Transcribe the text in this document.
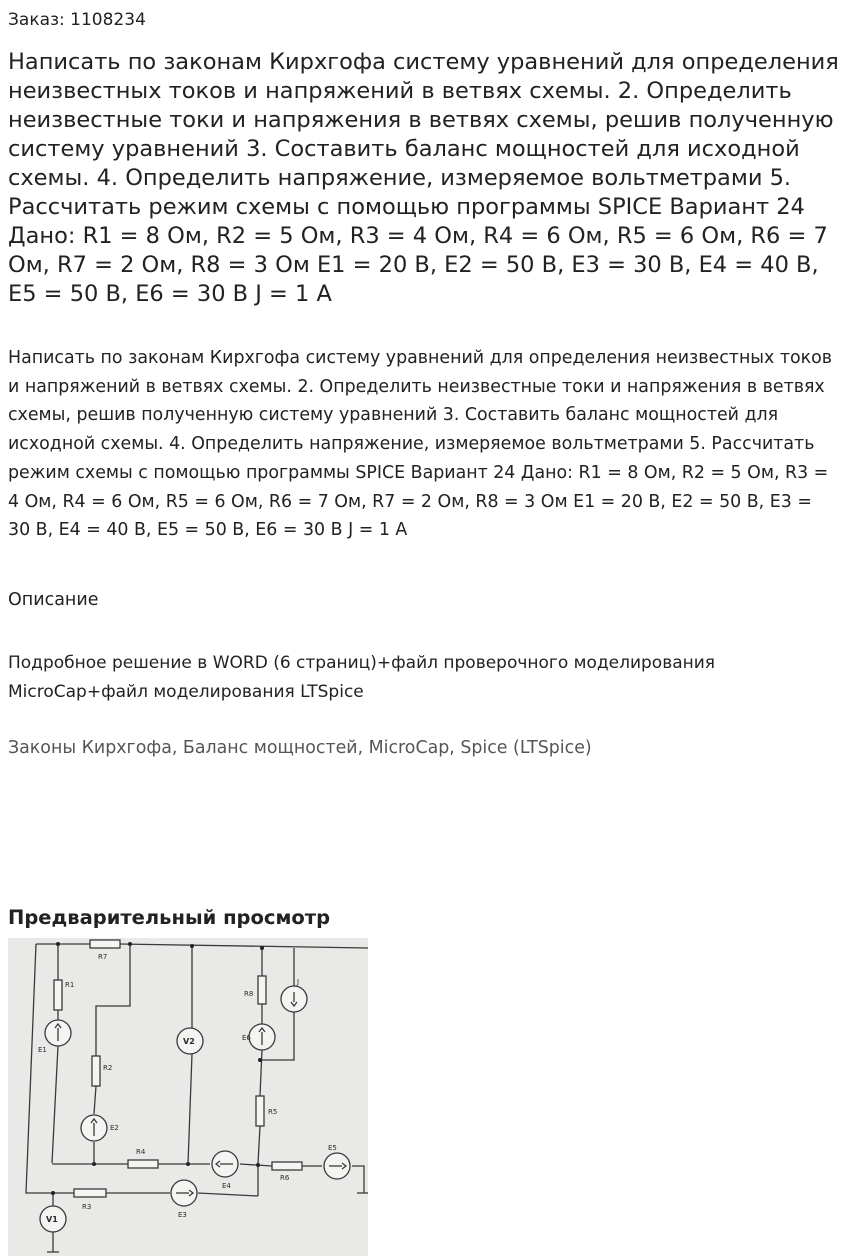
Заказ: 1108234
Написать по законам Кирхгофа систему уравнений для определения неизвестных токов и напряжений в ветвях схемы. 2. Определить неизвестные токи и напряжения в ветвях схемы, решив полученную систему уравнений 3. Составить баланс мощностей для исходной схемы. 4. Определить напряжение, измеряемое вольтметрами 5. Рассчитать режим схемы с помощью программы SPICE Вариант 24 Дано: R1 = 8 Ом, R2 = 5 Ом, R3 = 4 Ом, R4 = 6 Ом, R5 = 6 Ом, R6 = 7 Ом, R7 = 2 Ом, R8 = 3 Ом E1 = 20 В, E2 = 50 В, E3 = 30 В, E4 = 40 В, E5 = 50 В, E6 = 30 В J = 1 А

Написать по законам Кирхгофа систему уравнений для определения неизвестных токов и напряжений в ветвях схемы. 2. Определить неизвестные токи и напряжения в ветвях схемы, решив полученную систему уравнений 3. Составить баланс мощностей для исходной схемы. 4. Определить напряжение, измеряемое вольтметрами 5. Рассчитать режим схемы с помощью программы SPICE Вариант 24 Дано: R1 = 8 Ом, R2 = 5 Ом, R3 = 4 Ом, R4 = 6 Ом, R5 = 6 Ом, R6 = 7 Ом, R7 = 2 Ом, R8 = 3 Ом E1 = 20 В, E2 = 50 В, E3 = 30 В, E4 = 40 В, E5 = 50 В, E6 = 30 В J = 1 А

Описание

Подробное решение в WORD (6 страниц)+файл проверочного моделирования MicroCap+файл моделирования LTSpice

Законы Кирхгофа, Баланс мощностей, MicroCap, Spice (LTSpice)
Предварительный просмотр
R7
R1
E1
R2
E2
V2
R8
E6
J
R5
R4
E4
R6
E5
R3
V1	E3
